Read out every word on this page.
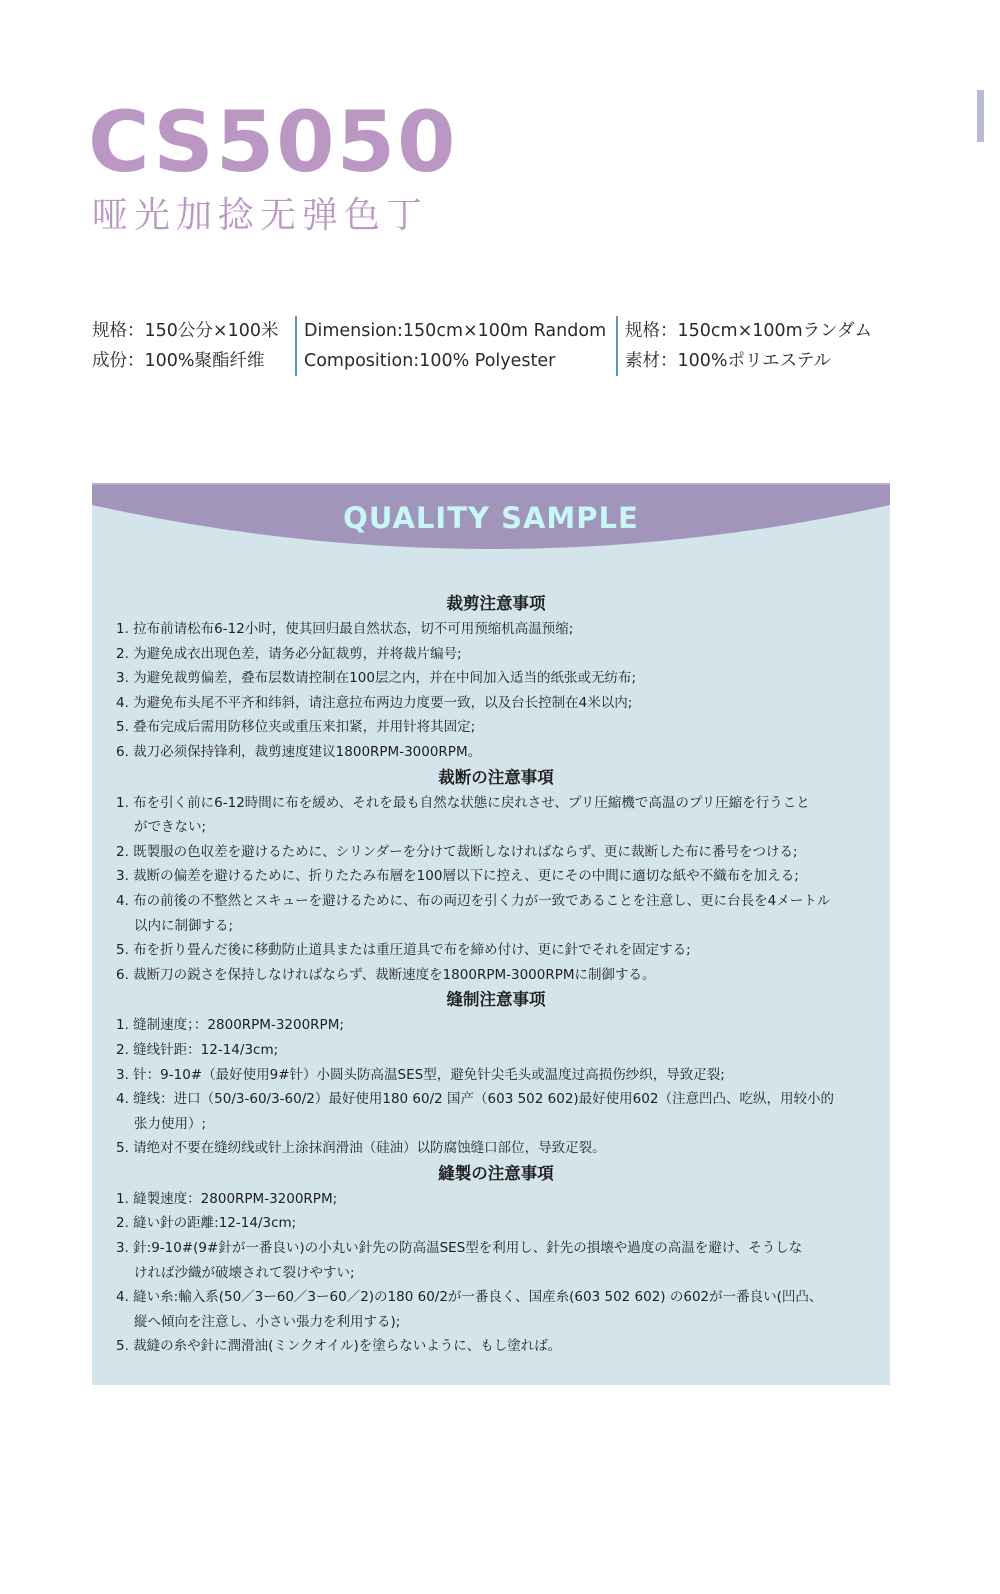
CS5050
哑光加捻无弹色丁
规格：150公分×100米
成份：100%聚酯纤维
Dimension:150cm×100m Random
Composition:100% Polyester
规格：150cm×100mランダム
素材：100%ポリエステル
QUALITY SAMPLE
裁剪注意事项
1. 拉布前请松布6-12小时，使其回归最自然状态，切不可用预缩机高温预缩;
2. 为避免成衣出现色差，请务必分缸裁剪，并将裁片编号;
3. 为避免裁剪偏差，叠布层数请控制在100层之内，并在中间加入适当的纸张或无纺布;
4. 为避免布头尾不平齐和纬斜，请注意拉布两边力度要一致，以及台长控制在4米以内;
5. 叠布完成后需用防移位夹或重压来扣紧，并用针将其固定;
6. 裁刀必须保持锋利，裁剪速度建议1800RPM-3000RPM。
裁断の注意事項
1. 布を引く前に6-12時間に布を緩め、それを最も自然な状態に戻れさせ、プリ圧縮機で高温のプリ圧縮を行うこと
ができない;
2. 既製服の色収差を避けるために、シリンダーを分けて裁断しなければならず、更に裁断した布に番号をつける;
3. 裁断の偏差を避けるために、折りたたみ布層を100層以下に控え、更にその中間に適切な紙や不織布を加える;
4. 布の前後の不整然とスキューを避けるために、布の両辺を引く力が一致であることを注意し、更に台長を4メートル
以内に制御する;
5. 布を折り畳んだ後に移動防止道具または重圧道具で布を締め付け、更に針でそれを固定する;
6. 裁断刀の鋭さを保持しなければならず、裁断速度を1800RPM-3000RPMに制御する。
缝制注意事项
1. 缝制速度；：2800RPM-3200RPM;
2. 缝线针距：12-14/3cm;
3. 针：9-10#（最好使用9#针）小圆头防高温SES型，避免针尖毛头或温度过高损伤纱织，导致疋裂;
4. 缝线：进口（50/3-60/3-60/2）最好使用180 60/2 国产（603 502 602)最好使用602（注意凹凸、吃纵，用较小的
张力使用）;
5. 请绝对不要在缝纫线或针上涂抹润滑油（硅油）以防腐蚀缝口部位，导致疋裂。
縫製の注意事項
1. 縫製速度：2800RPM-3200RPM;
2. 縫い針の距離:12-14/3cm;
3. 針:9-10#(9#針が一番良い)の小丸い針先の防高温SES型を利用し、針先の損壊や過度の高温を避け、そうしな
ければ沙織が破壊されて裂けやすい;
4. 縫い糸:輸入系(50／3ー60／3ー60／2)の180 60/2が一番良く、国産糸(603 502 602) の602が一番良い(凹凸、
縦へ傾向を注意し、小さい張力を利用する);
5. 裁縫の糸や針に潤滑油(ミンクオイル)を塗らないように、もし塗れば。
